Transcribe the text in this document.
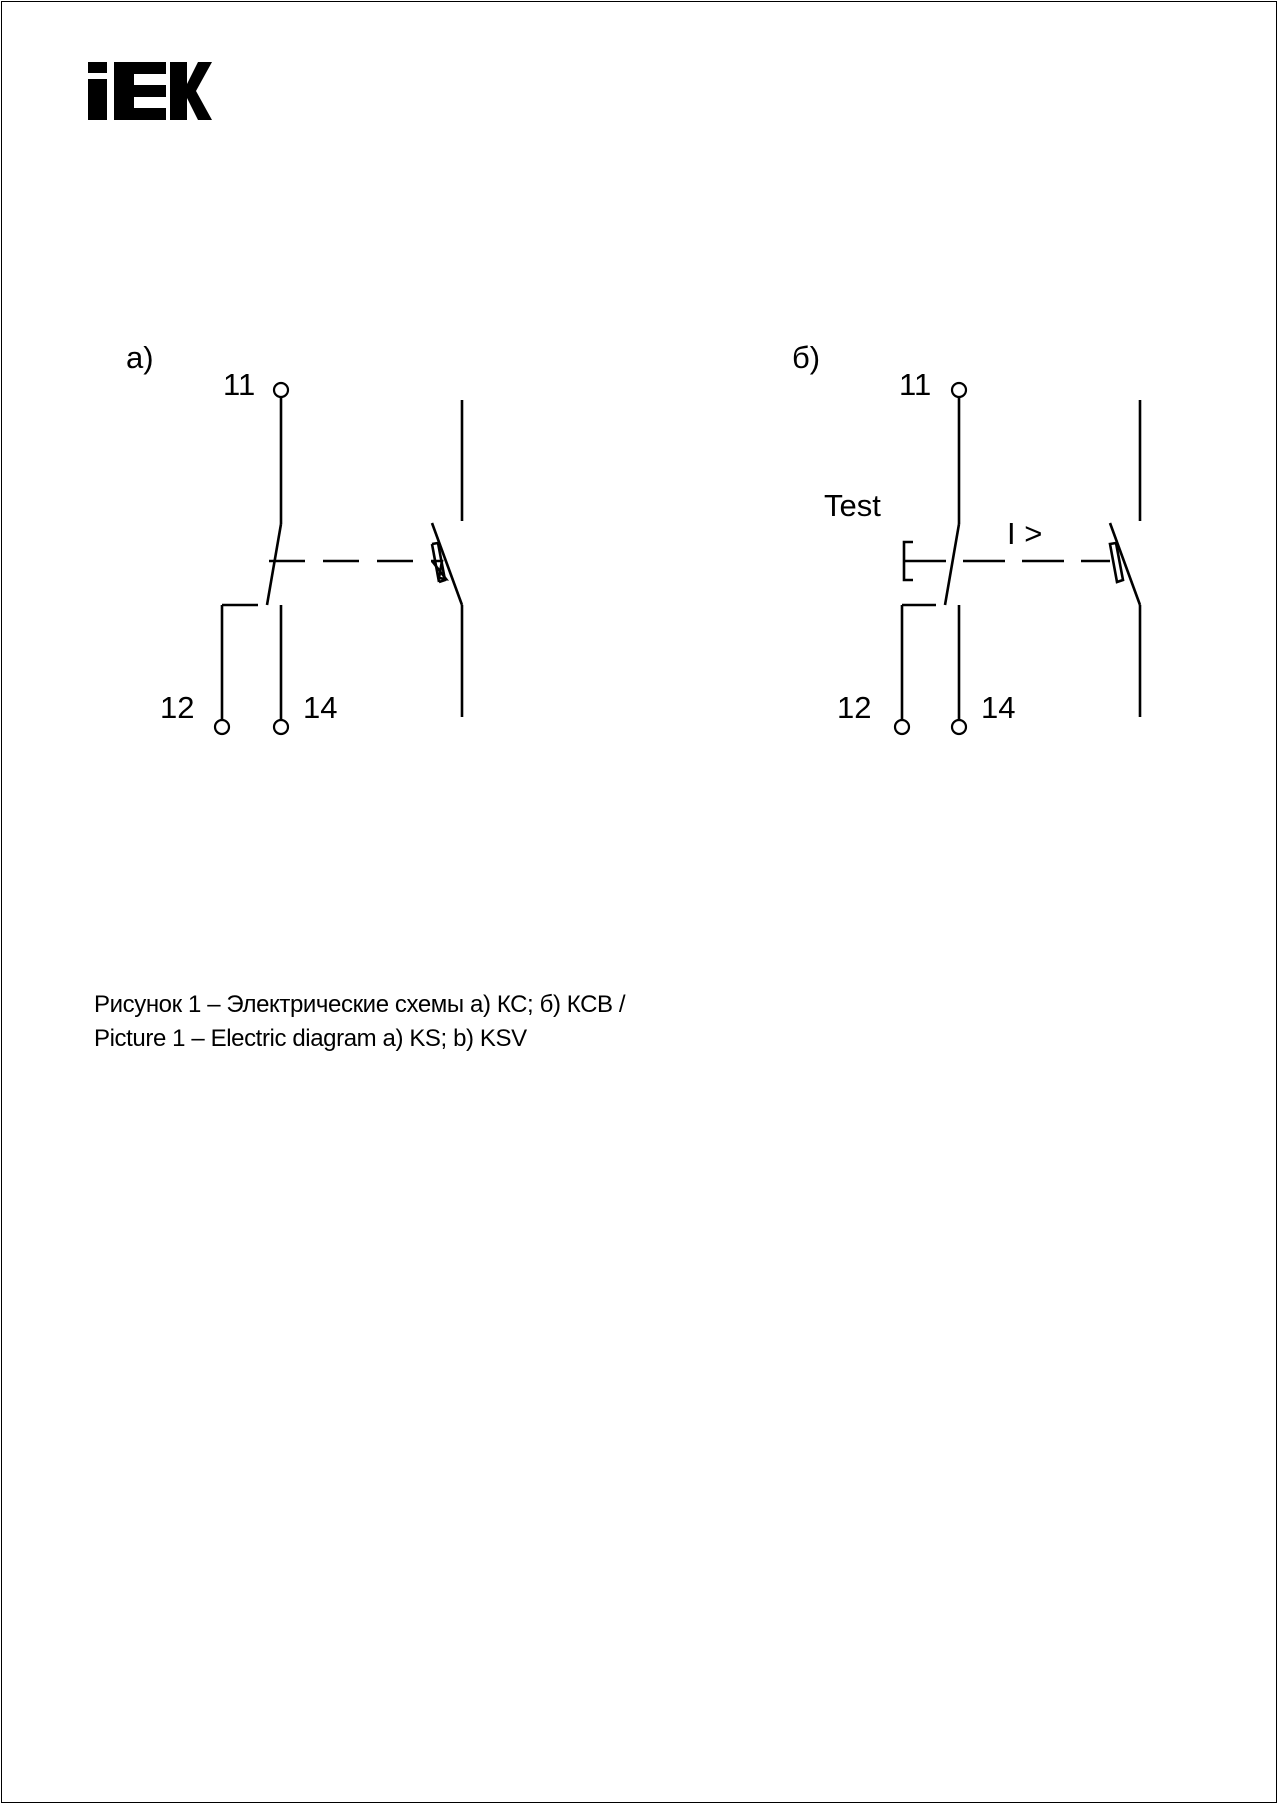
а)
11
12	14
б)
11
12	14
Test
I >
Рисунок 1 – Электрические схемы а) КС; б) КСВ /
Picture 1 – Electric diagram a) KS; b) KSV
